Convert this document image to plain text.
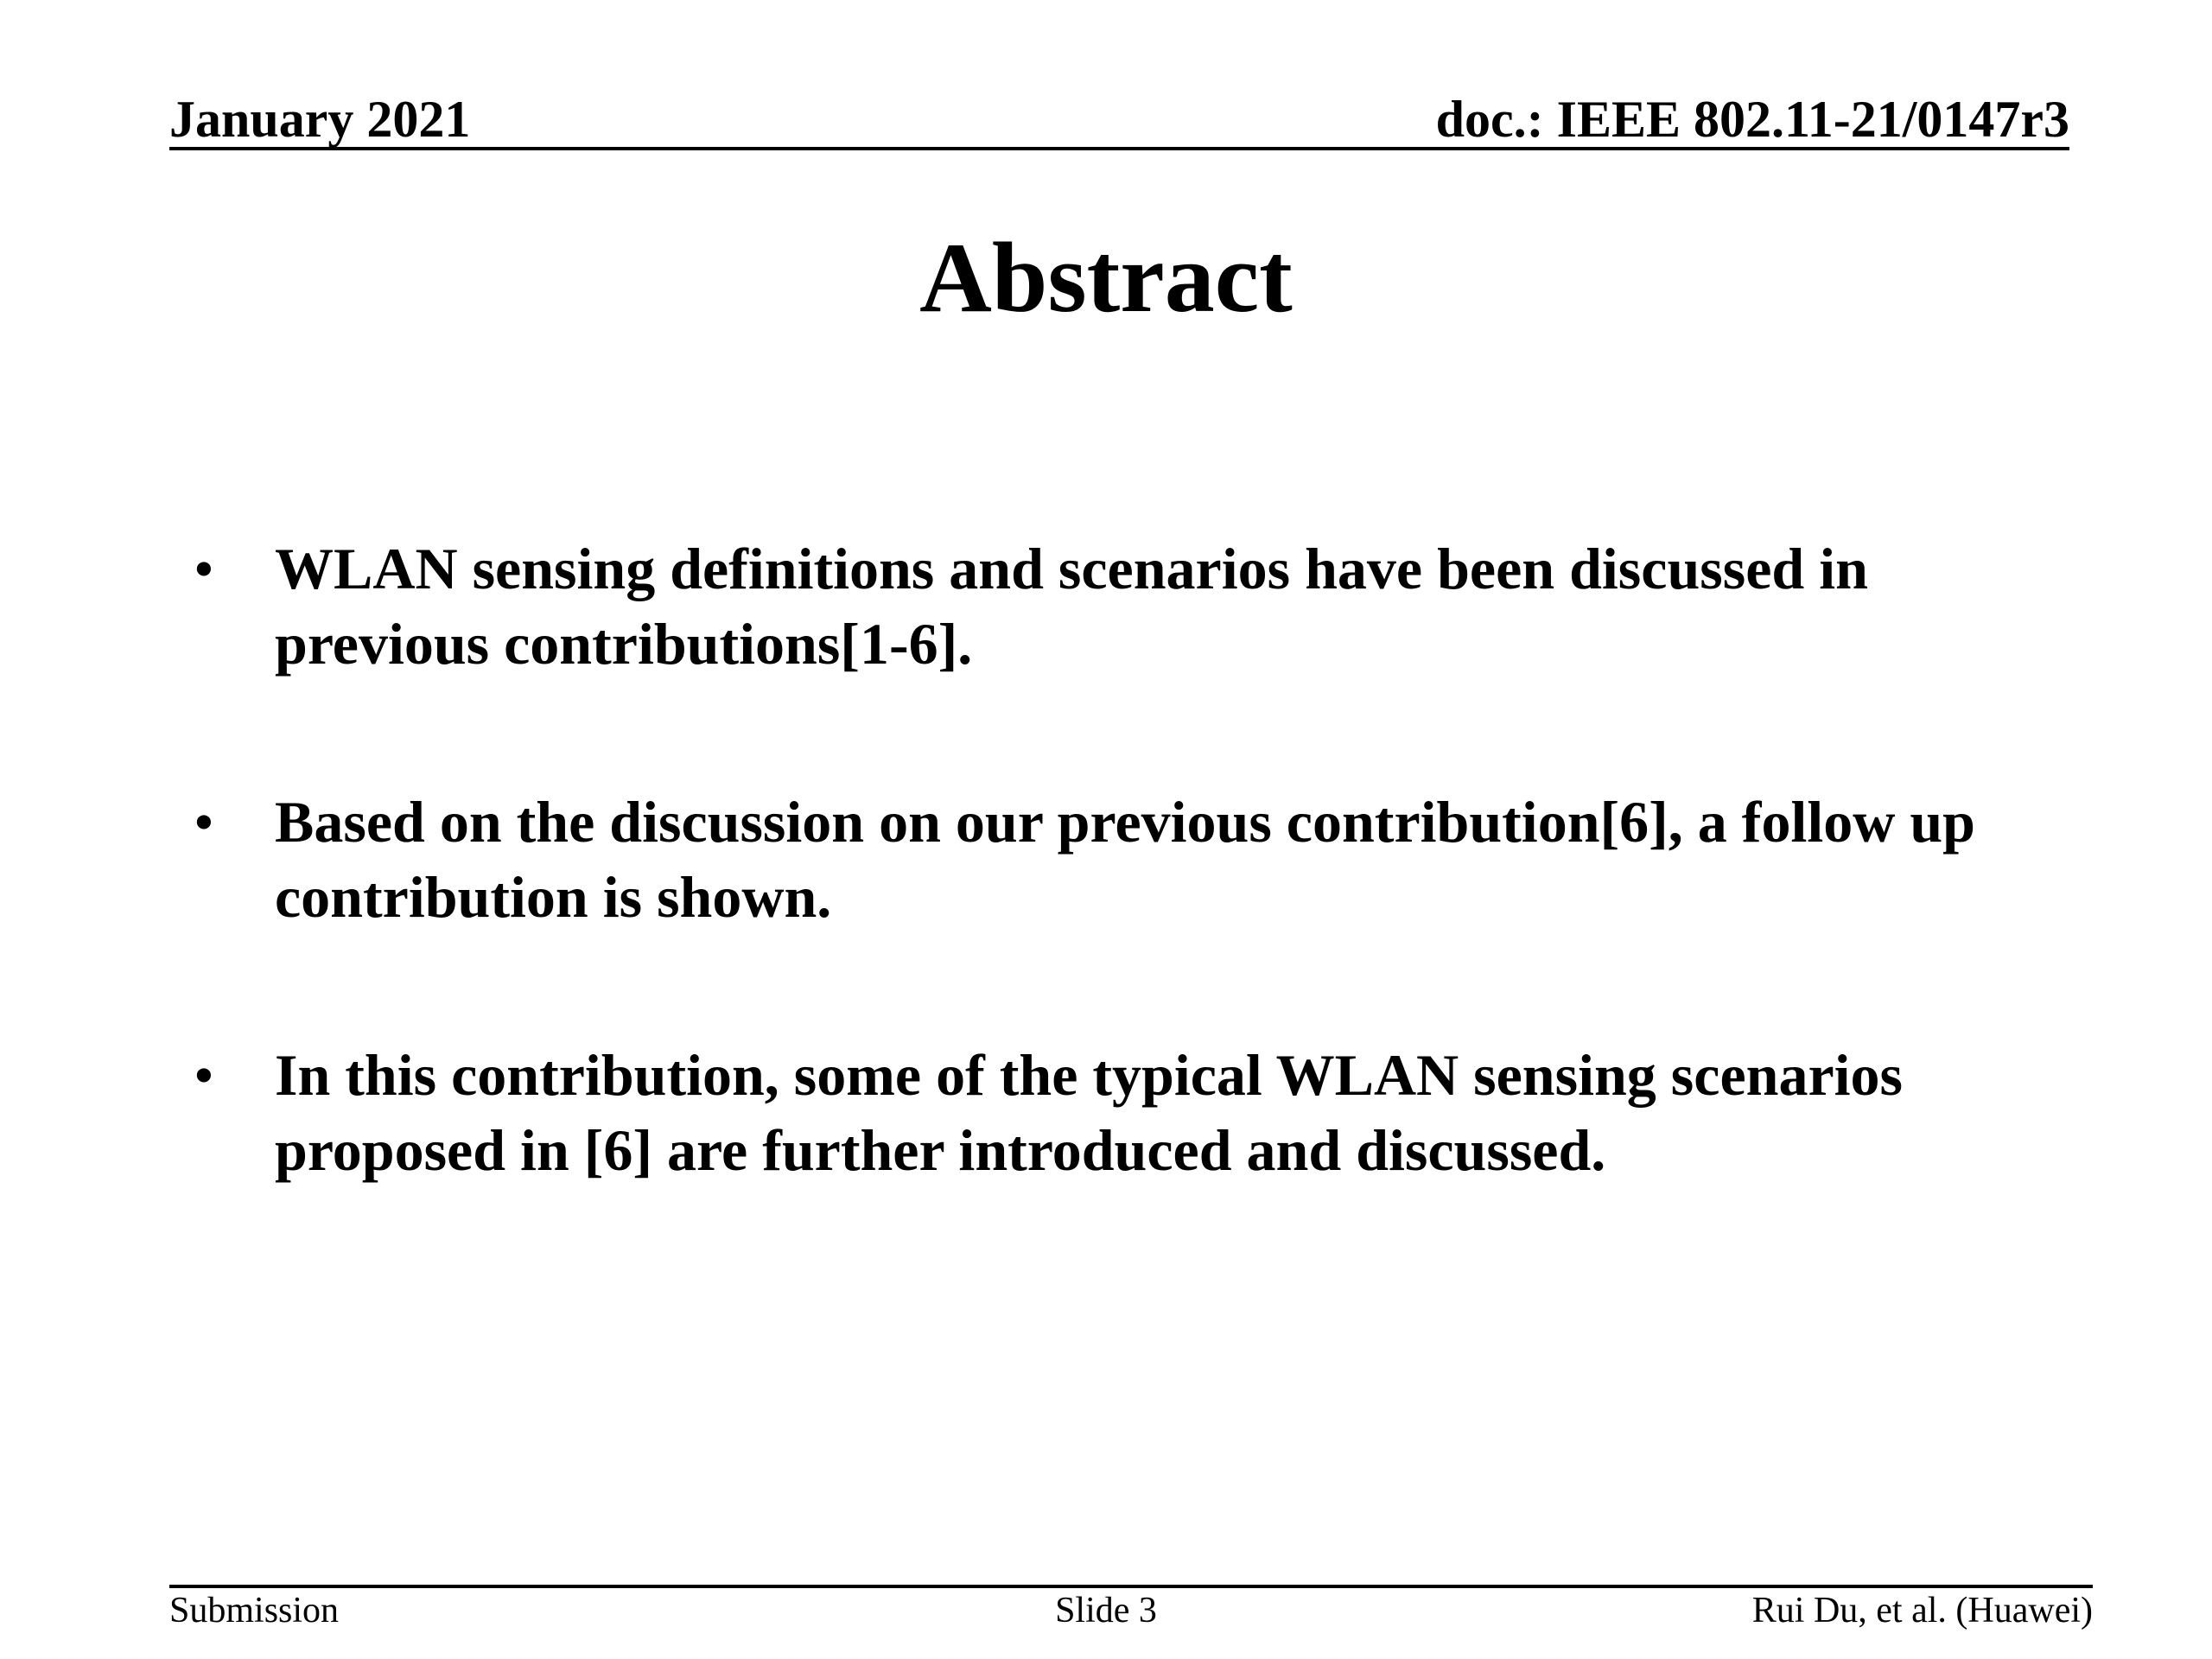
January 2021	doc.: IEEE 802.11-21/0147r3
Abstract
• WLAN sensing definitions and scenarios have been discussed in previous contributions[1-6].
• Based on the discussion on our previous contribution[6], a follow up contribution is shown.
• In this contribution, some of the typical WLAN sensing scenarios proposed in [6] are further introduced and discussed.
Submission	Slide 3	Rui Du, et al. (Huawei)
